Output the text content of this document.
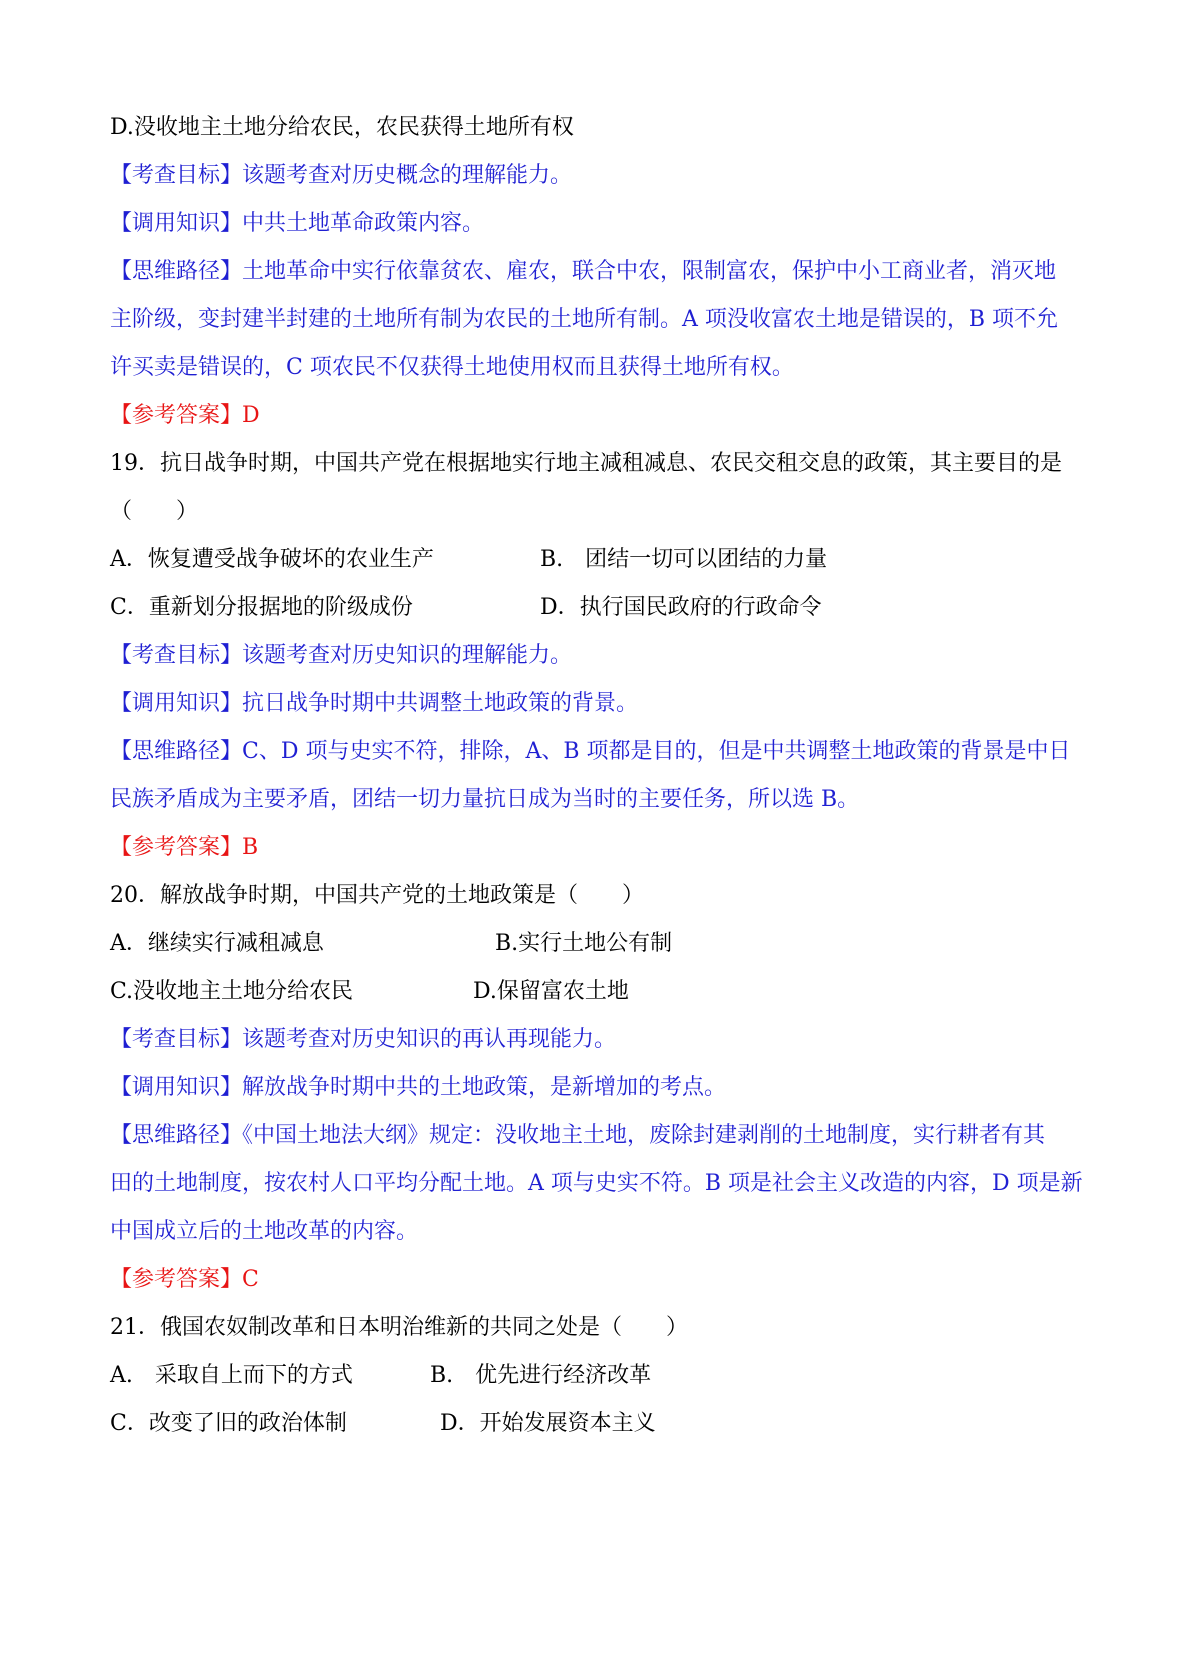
D.没收地主土地分给农民，农民获得土地所有权
【考查目标】该题考查对历史概念的理解能力。
【调用知识】中共土地革命政策内容。
【思维路径】土地革命中实行依靠贫农、雇农，联合中农，限制富农，保护中小工商业者，消灭地
主阶级，变封建半封建的土地所有制为农民的土地所有制。A 项没收富农土地是错误的，B 项不允
许买卖是错误的，C 项农民不仅获得土地使用权而且获得土地所有权。
【参考答案】D
19．抗日战争时期，中国共产党在根据地实行地主减租减息、农民交租交息的政策，其主要目的是
（　　）
A．恢复遭受战争破坏的农业生产	B.　团结一切可以团结的力量
C．重新划分报据地的阶级成份	D．执行国民政府的行政命令
【考查目标】该题考查对历史知识的理解能力。
【调用知识】抗日战争时期中共调整土地政策的背景。
【思维路径】C、D 项与史实不符，排除，A、B 项都是目的，但是中共调整土地政策的背景是中日
民族矛盾成为主要矛盾，团结一切力量抗日成为当时的主要任务，所以选 B。
【参考答案】B
20．解放战争时期，中国共产党的土地政策是（　　）
A．继续实行减租减息	B.实行土地公有制
C.没收地主土地分给农民	D.保留富农土地
【考查目标】该题考查对历史知识的再认再现能力。
【调用知识】解放战争时期中共的土地政策，是新增加的考点。
【思维路径】《中国土地法大纲》规定：没收地主土地，废除封建剥削的土地制度，实行耕者有其
田的土地制度，按农村人口平均分配土地。A 项与史实不符。B 项是社会主义改造的内容，D 项是新
中国成立后的土地改革的内容。
【参考答案】C
21．俄国农奴制改革和日本明治维新的共同之处是（　　）
A.　采取自上而下的方式	B.　优先进行经济改革
C．改变了旧的政治体制	D．开始发展资本主义
